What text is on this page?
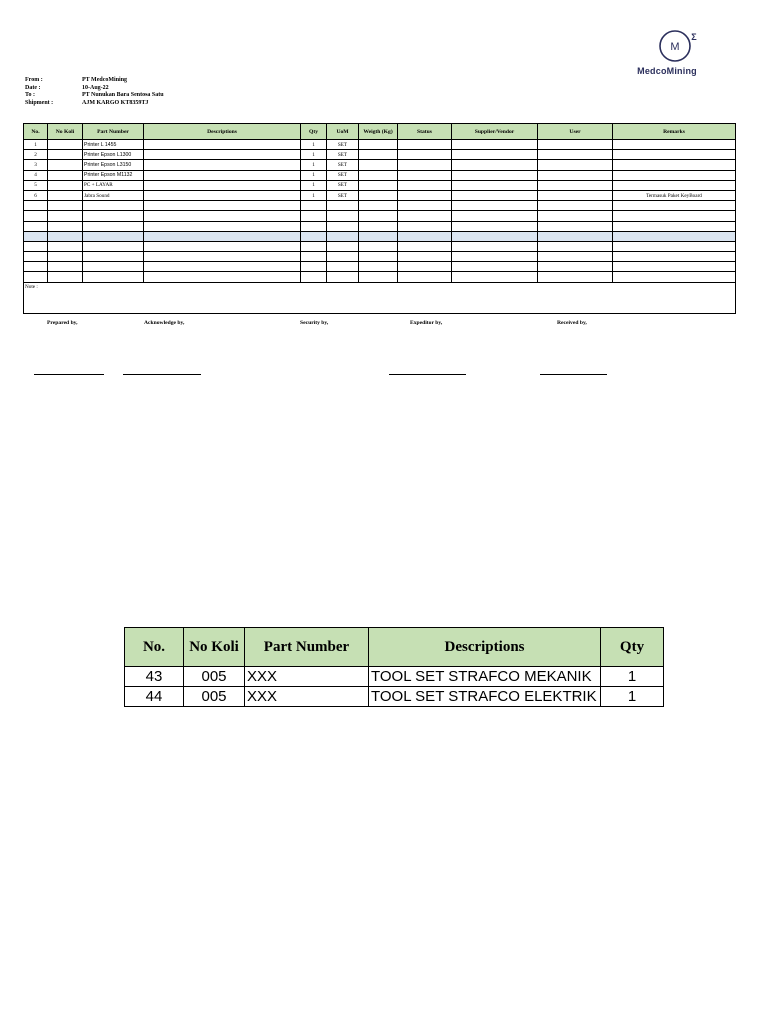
M
Σ
MedcoMining
From :	PT MedcoMining
Date :	10-Aug-22
To :	PT Nunukan Bara Sentosa Satu
Shipment :	AJM KARGO KT8359TJ
No.	No Koli	Part Number	Descriptions	Qty	UoM	Weigth (Kg)	Status	Supplier/Vendor	User	Remarks
1		Printer L 1455		1	SET					
2		Printer Epson L1300		1	SET					
3		Printer Epson L3150		1	SET					
4		Printer Epson M1132		1	SET					
5		PC + LAYAR		1	SET					
6		Jabra Sound		1	SET					Termasuk Paket KeyBoard

Note :										
Prepared by,	Acknowledge by,	Security by,	Expeditor by,	Received by,
No.	No Koli	Part Number	Descriptions	Qty
43	005	XXX	TOOL SET STRAFCO MEKANIK	1
44	005	XXX	TOOL SET STRAFCO ELEKTRIK	1
